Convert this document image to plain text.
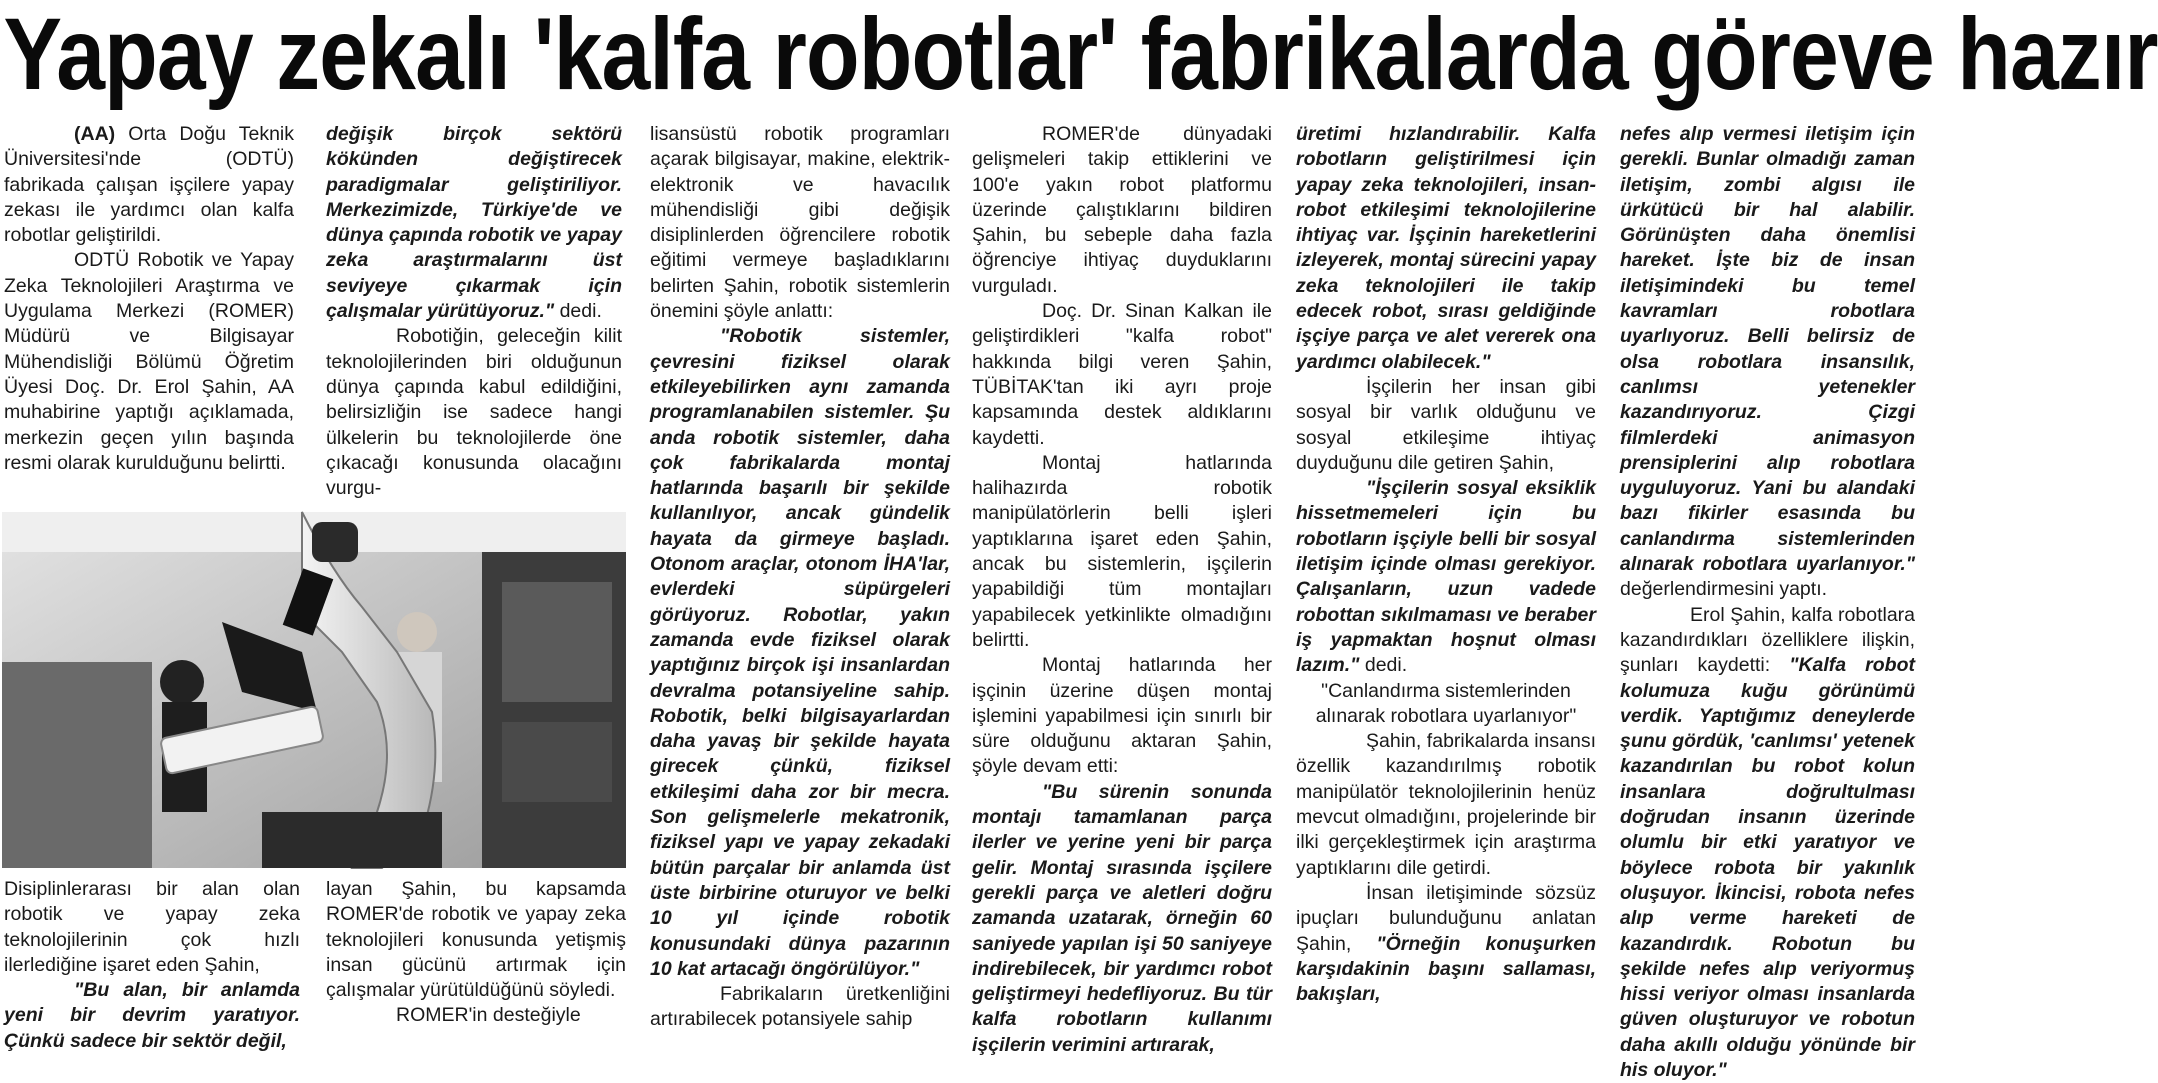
Yapay zekalı 'kalfa robotlar' fabrikalarda göreve hazır

(AA) Orta Doğu Teknik Üniversitesi'nde (ODTÜ) fabrikada çalışan işçilere yapay zekası ile yardımcı olan kalfa robotlar geliştirildi.

ODTÜ Robotik ve Yapay Zeka Teknolojileri Araştırma ve Uygulama Merkezi (ROMER) Müdürü ve Bilgisayar Mühendisliği Bölümü Öğretim Üyesi Doç. Dr. Erol Şahin, AA muhabirine yaptığı açıklamada, merkezin geçen yılın başında resmi olarak kurulduğunu belirtti.

değişik birçok sektörü kökünden değiştirecek paradigmalar geliştiriliyor. Merkezimizde, Türkiye'de ve dünya çapında robotik ve yapay zeka araştırmalarını üst seviyeye çıkarmak için çalışmalar yürütüyoruz." dedi.

Robotiğin, geleceğin kilit teknolojilerinden biri olduğunun dünya çapında kabul edildiğini, belirsizliğin ise sadece hangi ülkelerin bu teknolojilerde öne çıkacağı konusunda olacağını vurgu-

Disiplinlerarası bir alan olan robotik ve yapay zeka teknolojilerinin çok hızlı ilerlediğine işaret eden Şahin,

"Bu alan, bir anlamda yeni bir devrim yaratıyor. Çünkü sadece bir sektör değil,

layan Şahin, bu kapsamda ROMER'de robotik ve yapay zeka teknolojileri konusunda yetişmiş insan gücünü artırmak için çalışmalar yürütüldüğünü söyledi.

ROMER'in desteğiyle

lisansüstü robotik programları açarak bilgisayar, makine, elektrik-elektronik ve havacılık mühendisliği gibi değişik disiplinlerden öğrencilere robotik eğitimi vermeye başladıklarını belirten Şahin, robotik sistemlerin önemini şöyle anlattı:

"Robotik sistemler, çevresini fiziksel olarak etkileyebilirken aynı zamanda programlanabilen sistemler. Şu anda robotik sistemler, daha çok fabrikalarda montaj hatlarında başarılı bir şekilde kullanılıyor, ancak gündelik hayata da girmeye başladı. Otonom araçlar, otonom İHA'lar, evlerdeki süpürgeleri görüyoruz. Robotlar, yakın zamanda evde fiziksel olarak yaptığınız birçok işi insanlardan devralma potansiyeline sahip. Robotik, belki bilgisayarlardan daha yavaş bir şekilde hayata girecek çünkü, fiziksel etkileşimi daha zor bir mecra. Son gelişmelerle mekatronik, fiziksel yapı ve yapay zekadaki bütün parçalar bir anlamda üst üste birbirine oturuyor ve belki 10 yıl içinde robotik konusundaki dünya pazarının 10 kat artacağı öngörülüyor."

Fabrikaların üretkenliğini artırabilecek potansiyele sahip

ROMER'de dünyadaki gelişmeleri takip ettiklerini ve 100'e yakın robot platformu üzerinde çalıştıklarını bildiren Şahin, bu sebeple daha fazla öğrenciye ihtiyaç duyduklarını vurguladı.

Doç. Dr. Sinan Kalkan ile geliştirdikleri "kalfa robot" hakkında bilgi veren Şahin, TÜBİTAK'tan iki ayrı proje kapsamında destek aldıklarını kaydetti.

Montaj hatlarında halihazırda robotik manipülatörlerin belli işleri yaptıklarına işaret eden Şahin, ancak bu sistemlerin, işçilerin yapabildiği tüm montajları yapabilecek yetkinlikte olmadığını belirtti.

Montaj hatlarında her işçinin üzerine düşen montaj işlemini yapabilmesi için sınırlı bir süre olduğunu aktaran Şahin, şöyle devam etti:

"Bu sürenin sonunda montajı tamamlanan parça ilerler ve yerine yeni bir parça gelir. Montaj sırasında işçilere gerekli parça ve aletleri doğru zamanda uzatarak, örneğin 60 saniyede yapılan işi 50 saniyeye indirebilecek, bir yardımcı robot geliştirmeyi hedefliyoruz. Bu tür kalfa robotların kullanımı işçilerin verimini artırarak,

üretimi hızlandırabilir. Kalfa robotların geliştirilmesi için yapay zeka teknolojileri, insan-robot etkileşimi teknolojilerine ihtiyaç var. İşçinin hareketlerini izleyerek, montaj sürecini yapay zeka teknolojileri ile takip edecek robot, sırası geldiğinde işçiye parça ve alet vererek ona yardımcı olabilecek."

İşçilerin her insan gibi sosyal bir varlık olduğunu ve sosyal etkileşime ihtiyaç duyduğunu dile getiren Şahin,

"İşçilerin sosyal eksiklik hissetmemeleri için bu robotların işçiyle belli bir sosyal iletişim içinde olması gerekiyor. Çalışanların, uzun vadede robottan sıkılmaması ve beraber iş yapmaktan hoşnut olması lazım." dedi.

"Canlandırma sistemlerinden alınarak robotlara uyarlanıyor"

Şahin, fabrikalarda insansı özellik kazandırılmış robotik manipülatör teknolojilerinin henüz mevcut olmadığını, projelerinde bir ilki gerçekleştirmek için araştırma yaptıklarını dile getirdi.

İnsan iletişiminde sözsüz ipuçları bulunduğunu anlatan Şahin, "Örneğin konuşurken karşıdakinin başını sallaması, bakışları,

nefes alıp vermesi iletişim için gerekli. Bunlar olmadığı zaman iletişim, zombi algısı ile ürkütücü bir hal alabilir. Görünüşten daha önemlisi hareket. İşte biz de insan iletişimindeki bu temel kavramları robotlara uyarlıyoruz. Belli belirsiz de olsa robotlara insansılık, canlımsı yetenekler kazandırıyoruz. Çizgi filmlerdeki animasyon prensiplerini alıp robotlara uyguluyoruz. Yani bu alandaki bazı fikirler esasında bu canlandırma sistemlerinden alınarak robotlara uyarlanıyor." değerlendirmesini yaptı.

Erol Şahin, kalfa robotlara kazandırdıkları özelliklere ilişkin, şunları kaydetti: "Kalfa robot kolumuza kuğu görünümü verdik. Yaptığımız deneylerde şunu gördük, 'canlımsı' yetenek kazandırılan bu robot kolun insanlara doğrultulması doğrudan insanın üzerinde olumlu bir etki yaratıyor ve böylece robota bir yakınlık oluşuyor. İkincisi, robota nefes alıp verme hareketi de kazandırdık. Robotun bu şekilde nefes alıp veriyormuş hissi veriyor olması insanlarda güven oluşturuyor ve robotun daha akıllı olduğu yönünde bir his oluyor."
